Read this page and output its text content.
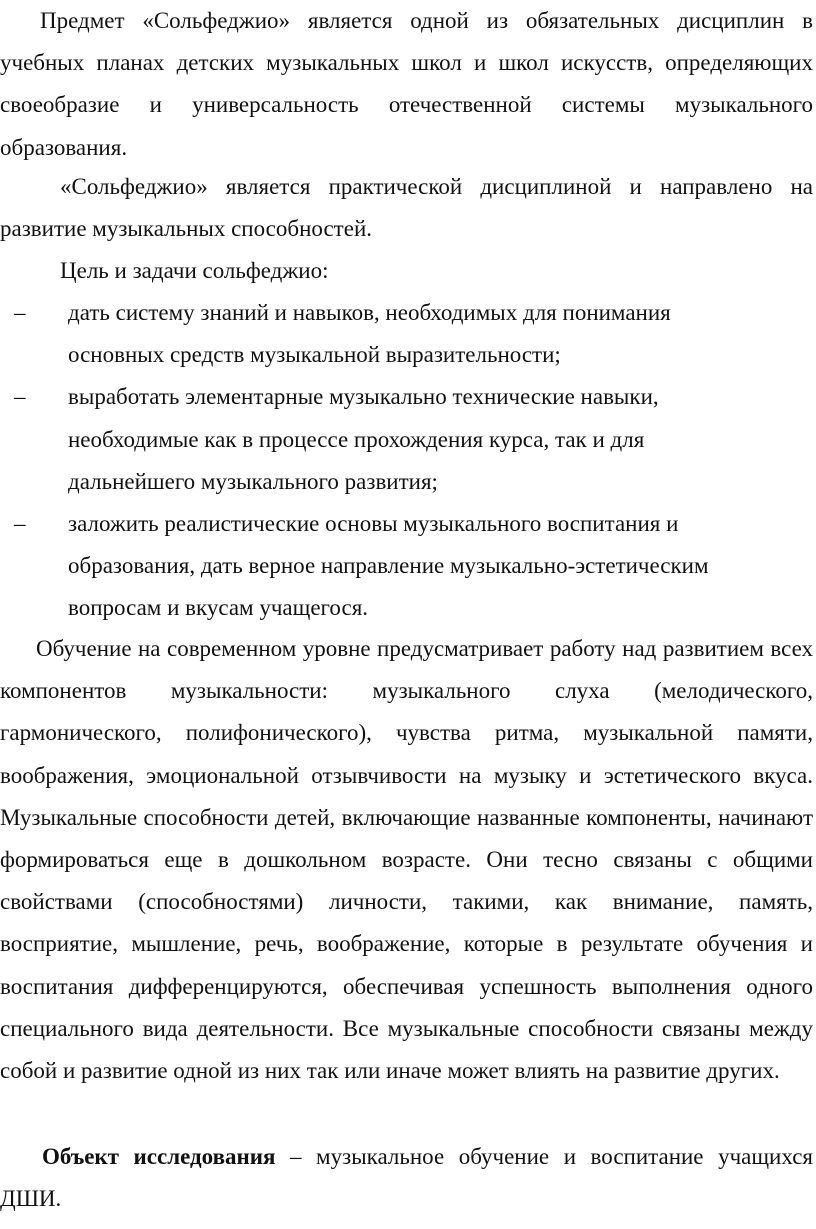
Предмет «Сольфеджио» является одной из обязательных дисциплин в учебных планах детских музыкальных школ и школ искусств, определяющих своеобразие и универсальность отечественной системы музыкального образования.

«Сольфеджио» является практической дисциплиной и направлено на развитие музыкальных способностей.

Цель и задачи сольфеджио:

– дать систему знаний и навыков, необходимых для понимания
основных средств музыкальной выразительности;
– выработать элементарные музыкально технические навыки,
необходимые как в процессе прохождения курса, так и для
дальнейшего музыкального развития;
– заложить реалистические основы музыкального воспитания и
образования, дать верное направление музыкально-эстетическим
вопросам и вкусам учащегося.

Обучение на современном уровне предусматривает работу над развитием всех компонентов музыкальности: музыкального слуха (мелодического, гармонического, полифонического), чувства ритма, музыкальной памяти, воображения, эмоциональной отзывчивости на музыку и эстетического вкуса. Музыкальные способности детей, включающие названные компоненты, начинают формироваться еще в дошкольном возрасте. Они тесно связаны с общими свойствами (способностями) личности, такими, как внимание, память, восприятие, мышление, речь, воображение, которые в результате обучения и воспитания дифференцируются, обеспечивая успешность выполнения одного специального вида деятельности. Все музыкальные способности связаны между собой и развитие одной из них так или иначе может влиять на развитие других.

Объект исследования – музыкальное обучение и воспитание учащихся ДШИ.
